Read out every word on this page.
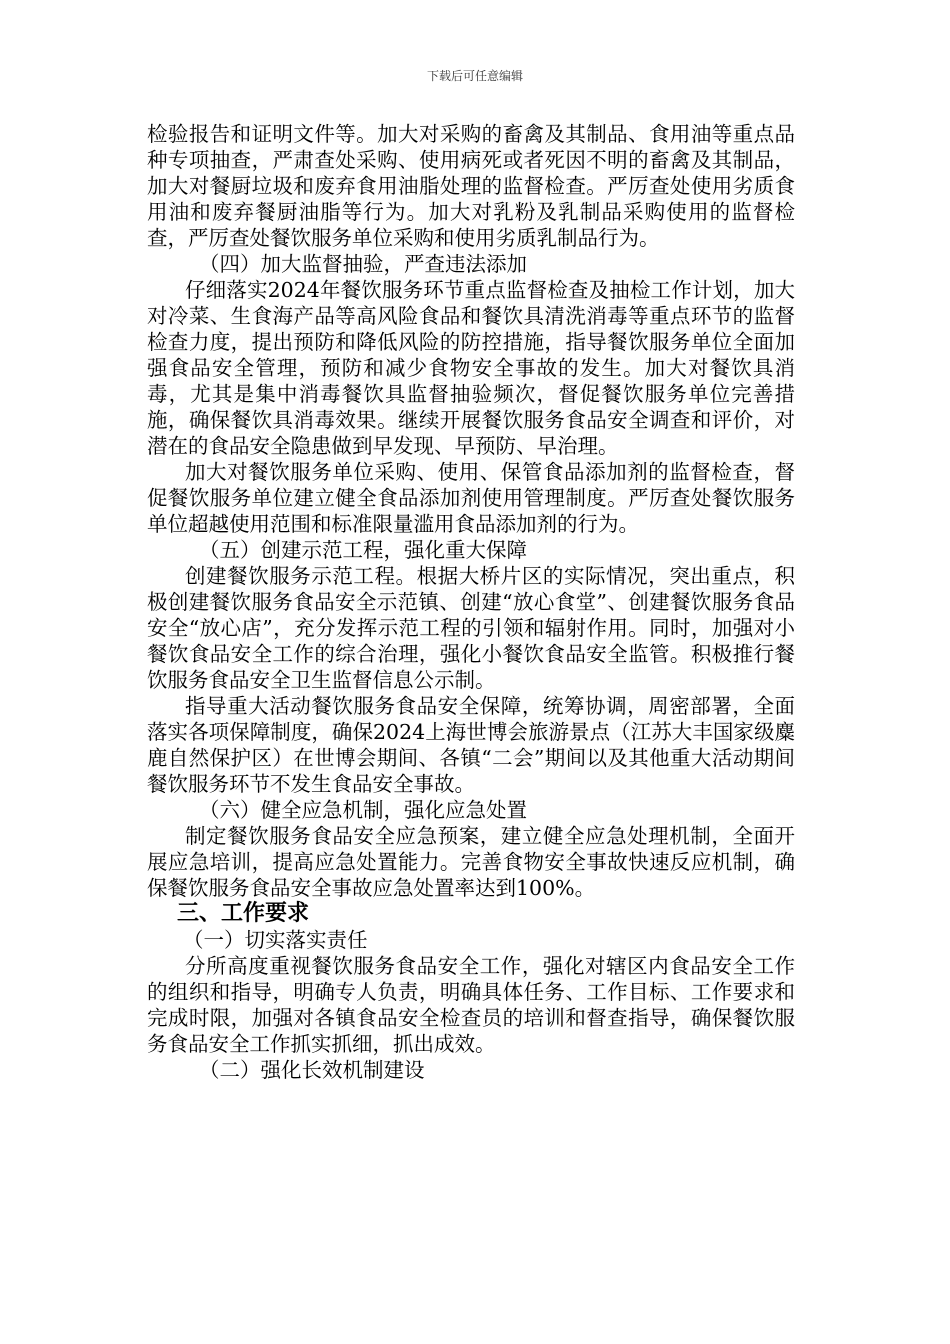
下载后可任意编辑

检验报告和证明文件等。加大对采购的畜禽及其制品、食用油等重点品种专项抽查，严肃查处采购、使用病死或者死因不明的畜禽及其制品，加大对餐厨垃圾和废弃食用油脂处理的监督检查。严厉查处使用劣质食用油和废弃餐厨油脂等行为。加大对乳粉及乳制品采购使用的监督检查，严厉查处餐饮服务单位采购和使用劣质乳制品行为。

（四）加大监督抽验，严查违法添加

仔细落实2024年餐饮服务环节重点监督检查及抽检工作计划，加大对冷菜、生食海产品等高风险食品和餐饮具清洗消毒等重点环节的监督检查力度，提出预防和降低风险的防控措施，指导餐饮服务单位全面加强食品安全管理，预防和减少食物安全事故的发生。加大对餐饮具消毒，尤其是集中消毒餐饮具监督抽验频次，督促餐饮服务单位完善措施，确保餐饮具消毒效果。继续开展餐饮服务食品安全调查和评价，对潜在的食品安全隐患做到早发现、早预防、早治理。

加大对餐饮服务单位采购、使用、保管食品添加剂的监督检查，督促餐饮服务单位建立健全食品添加剂使用管理制度。严厉查处餐饮服务单位超越使用范围和标准限量滥用食品添加剂的行为。

（五）创建示范工程，强化重大保障

创建餐饮服务示范工程。根据大桥片区的实际情况，突出重点，积极创建餐饮服务食品安全示范镇、创建“放心食堂”、创建餐饮服务食品安全“放心店”，充分发挥示范工程的引领和辐射作用。同时，加强对小餐饮食品安全工作的综合治理，强化小餐饮食品安全监管。积极推行餐饮服务食品安全卫生监督信息公示制。

指导重大活动餐饮服务食品安全保障，统筹协调，周密部署，全面落实各项保障制度，确保2024上海世博会旅游景点（江苏大丰国家级麋鹿自然保护区）在世博会期间、各镇“二会”期间以及其他重大活动期间餐饮服务环节不发生食品安全事故。

（六）健全应急机制，强化应急处置

制定餐饮服务食品安全应急预案，建立健全应急处理机制，全面开展应急培训，提高应急处置能力。完善食物安全事故快速反应机制，确保餐饮服务食品安全事故应急处置率达到100%。

三、工作要求

（一）切实落实责任

分所高度重视餐饮服务食品安全工作，强化对辖区内食品安全工作的组织和指导，明确专人负责，明确具体任务、工作目标、工作要求和完成时限，加强对各镇食品安全检查员的培训和督查指导，确保餐饮服务食品安全工作抓实抓细，抓出成效。

（二）强化长效机制建设
